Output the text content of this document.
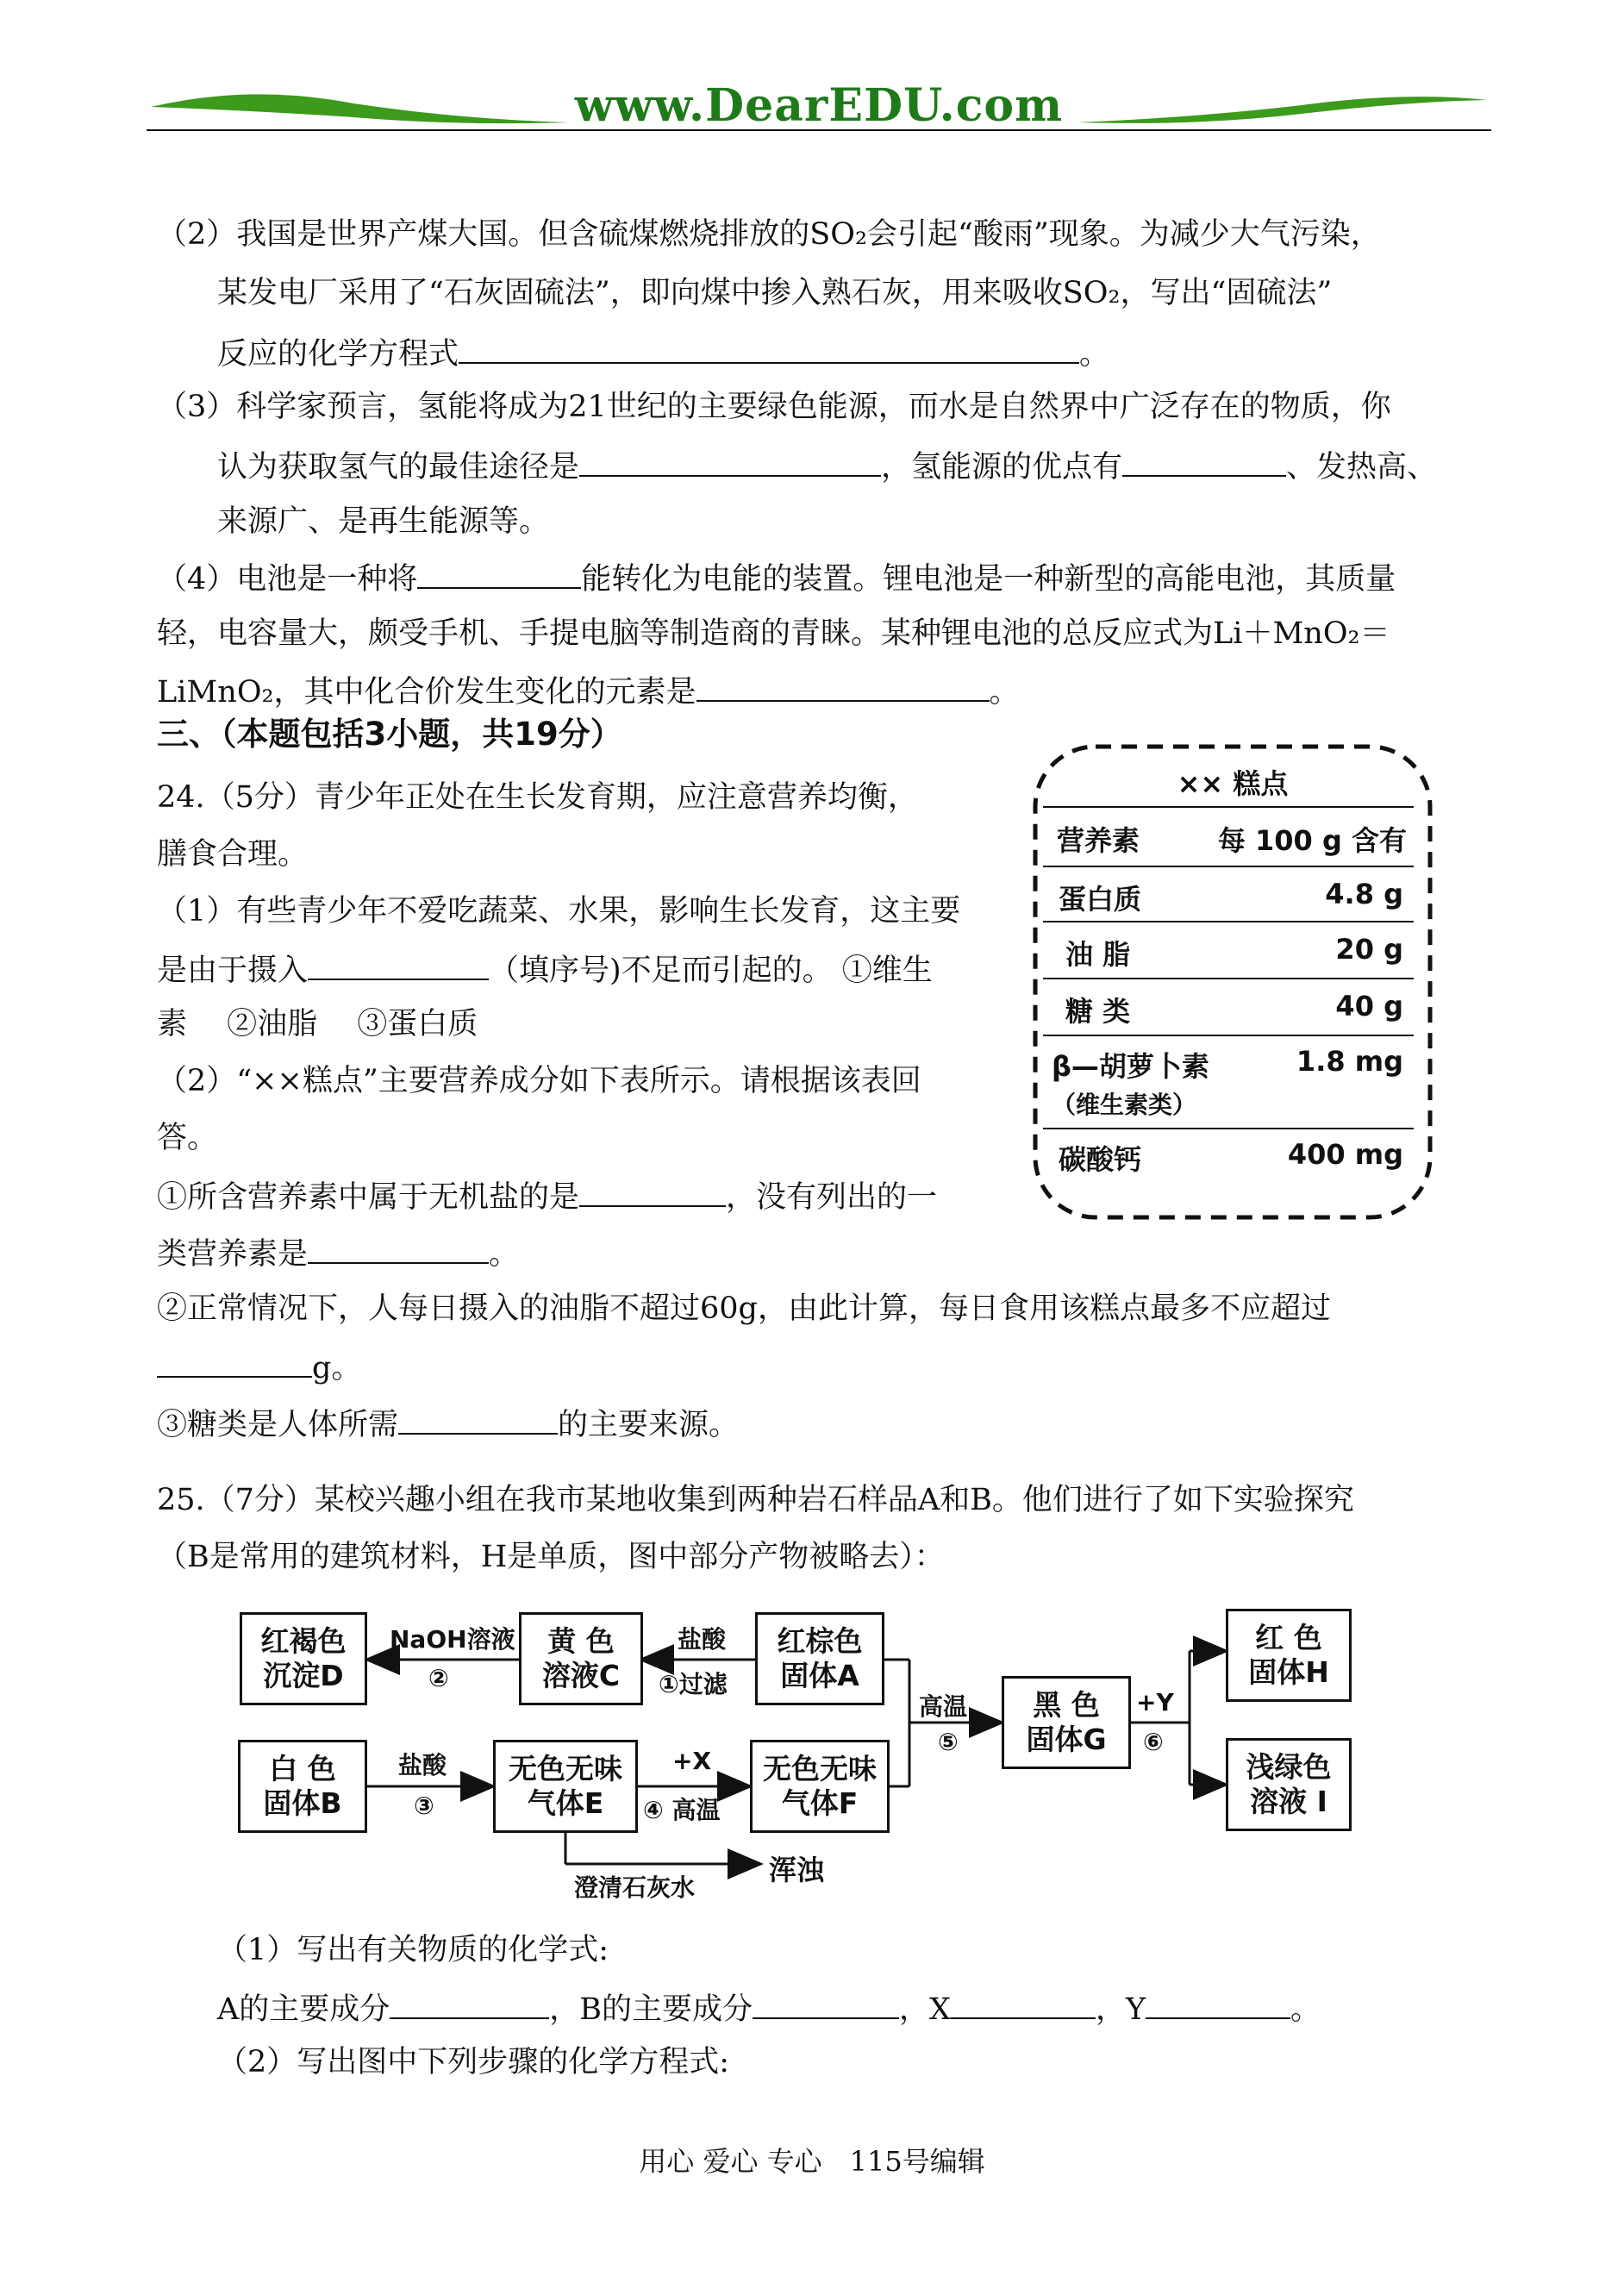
www.DearEDU.com
（2）我国是世界产煤大国。但含硫煤燃烧排放的SO₂会引起“酸雨”现象。为减少大气污染，
某发电厂采用了“石灰固硫法”，即向煤中掺入熟石灰，用来吸收SO₂，写出“固硫法”
反应的化学方程式	。
（3）科学家预言，氢能将成为21世纪的主要绿色能源，而水是自然界中广泛存在的物质，你
认为获取氢气的最佳途径是	，氢能源的优点有	、发热高、
来源广、是再生能源等。
（4）电池是一种将	能转化为电能的装置。锂电池是一种新型的高能电池，其质量
轻，电容量大，颇受手机、手提电脑等制造商的青睐。某种锂电池的总反应式为Li＋MnO₂＝
LiMnO₂，其中化合价发生变化的元素是	。
三、（本题包括3小题，共19分）
24.（5分）青少年正处在生长发育期，应注意营养均衡，
膳食合理。
（1）有些青少年不爱吃蔬菜、水果，影响生长发育，这主要
是由于摄入	（填序号)不足而引起的。 ①维生
素　 ②油脂　 ③蛋白质
（2）“××糕点”主要营养成分如下表所示。请根据该表回
答。
①所含营养素中属于无机盐的是	，没有列出的一
类营养素是	。
②正常情况下，人每日摄入的油脂不超过60g，由此计算，每日食用该糕点最多不应超过
g。
③糖类是人体所需	的主要来源。
×× 糕点
营养素	每 100 g 含有
蛋白质	4.8 g
油 脂	20 g
糖 类	40 g
β—胡萝卜素	1.8 mg
（维生素类）
碳酸钙	400 mg
25.（7分）某校兴趣小组在我市某地收集到两种岩石样品A和B。他们进行了如下实验探究
（B是常用的建筑材料，H是单质，图中部分产物被略去）：
红褐色
沉淀D
黄 色
溶液C
红棕色
固体A
白 色
固体B
无色无味
气体E
无色无味
气体F
黑 色
固体G
红 色
固体H
浅绿色
溶液 I
NaOH溶液
②
盐酸
①过滤
盐酸
③
+X
④ 高温
高温
⑤
+Y
⑥
澄清石灰水
浑浊
（1）写出有关物质的化学式:
A的主要成分	，B的主要成分	，X	，Y	。
（2）写出图中下列步骤的化学方程式:
用心 爱心 专心　115号编辑
